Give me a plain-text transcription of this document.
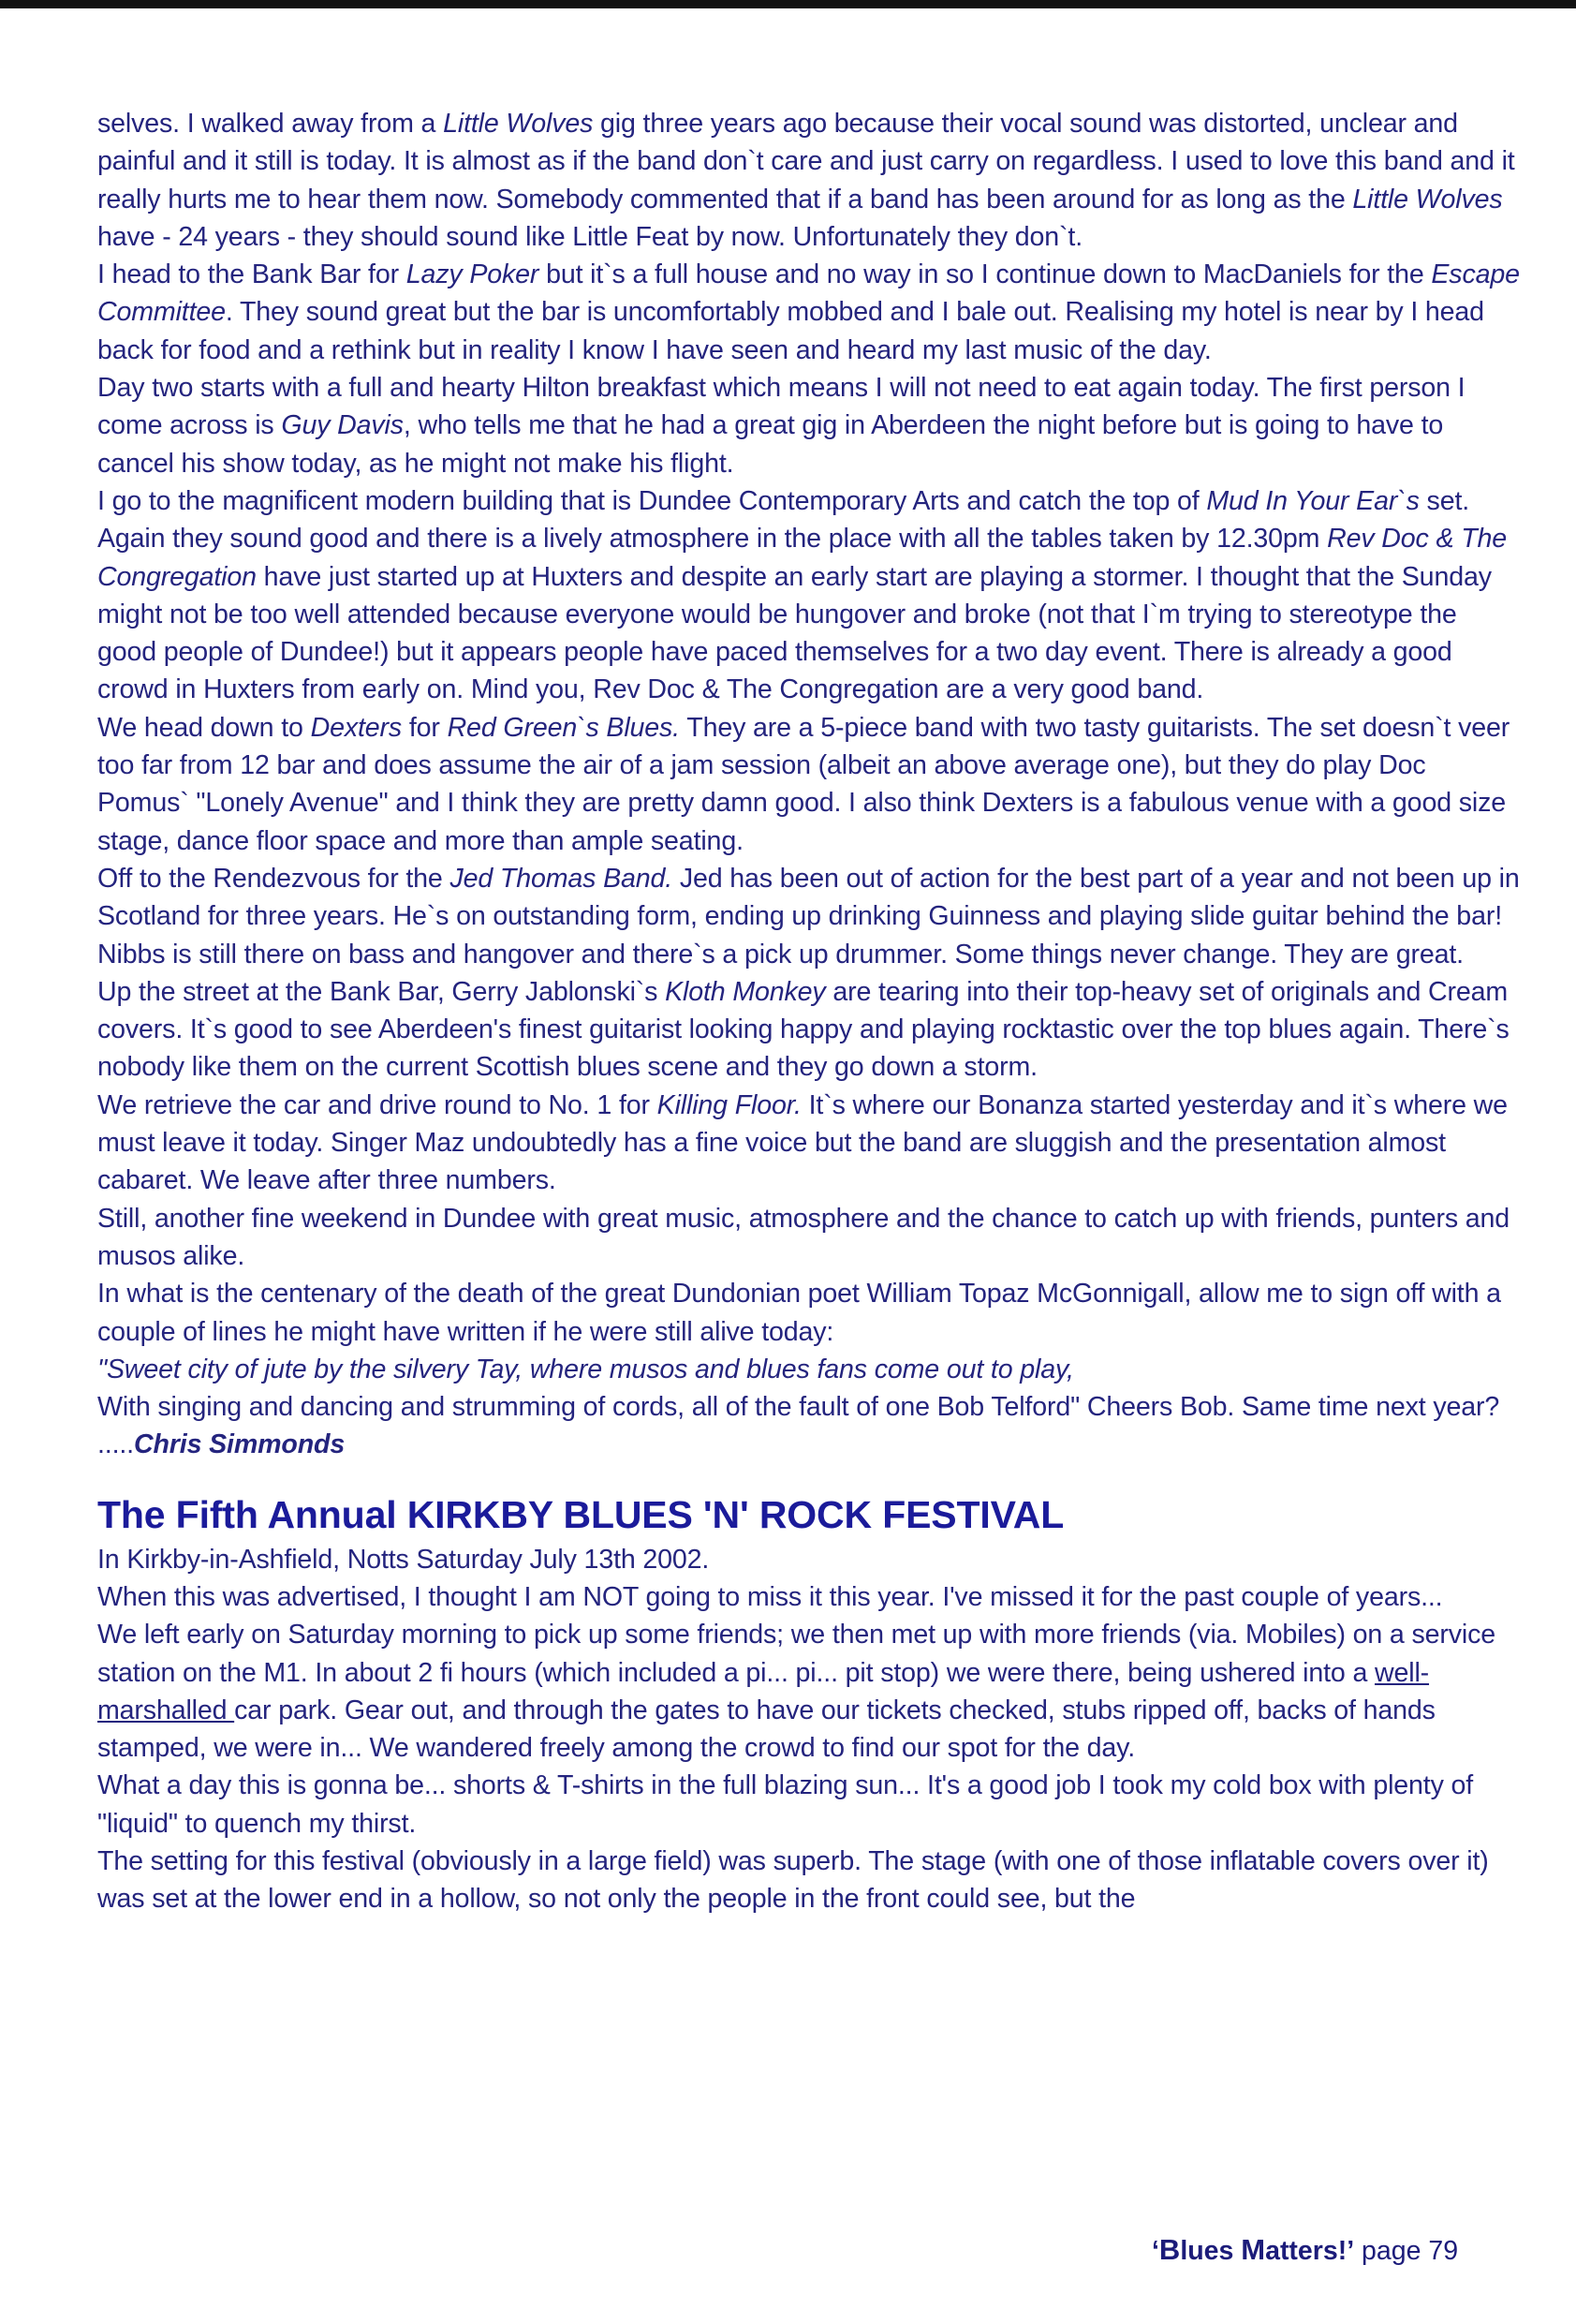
selves. I walked away from a Little Wolves gig three years ago because their vocal sound was distorted, unclear and painful and it still is today. It is almost as if the band don`t care and just carry on regardless. I used to love this band and it really hurts me to hear them now. Somebody commented that if a band has been around for as long as the Little Wolves have - 24 years - they should sound like Little Feat by now. Unfortunately they don`t.

I head to the Bank Bar for Lazy Poker but it`s a full house and no way in so I continue down to MacDaniels for the Escape Committee. They sound great but the bar is uncomfortably mobbed and I bale out. Realising my hotel is near by I head back for food and a rethink but in reality I know I have seen and heard my last music of the day.

Day two starts with a full and hearty Hilton breakfast which means I will not need to eat again today. The first person I come across is Guy Davis, who tells me that he had a great gig in Aberdeen the night before but is going to have to cancel his show today, as he might not make his flight.

I go to the magnificent modern building that is Dundee Contemporary Arts and catch the top of Mud In Your Ear`s set. Again they sound good and there is a lively atmosphere in the place with all the tables taken by 12.30pm Rev Doc & The Congregation have just started up at Huxters and despite an early start are playing a stormer. I thought that the Sunday might not be too well attended because everyone would be hungover and broke (not that I`m trying to stereotype the good people of Dundee!) but it appears people have paced themselves for a two day event. There is already a good crowd in Huxters from early on. Mind you, Rev Doc & The Congregation are a very good band.

We head down to Dexters for Red Green`s Blues. They are a 5-piece band with two tasty guitarists. The set doesn`t veer too far from 12 bar and does assume the air of a jam session (albeit an above average one), but they do play Doc Pomus` "Lonely Avenue" and I think they are pretty damn good. I also think Dexters is a fabulous venue with a good size stage, dance floor space and more than ample seating.

Off to the Rendezvous for the Jed Thomas Band. Jed has been out of action for the best part of a year and not been up in Scotland for three years. He`s on outstanding form, ending up drinking Guinness and playing slide guitar behind the bar! Nibbs is still there on bass and hangover and there`s a pick up drummer. Some things never change. They are great.

Up the street at the Bank Bar, Gerry Jablonski`s Kloth Monkey are tearing into their top-heavy set of originals and Cream covers. It`s good to see Aberdeen's finest guitarist looking happy and playing rocktastic over the top blues again. There`s nobody like them on the current Scottish blues scene and they go down a storm.

We retrieve the car and drive round to No. 1 for Killing Floor. It`s where our Bonanza started yesterday and it`s where we must leave it today. Singer Maz undoubtedly has a fine voice but the band are sluggish and the presentation almost cabaret. We leave after three numbers.

Still, another fine weekend in Dundee with great music, atmosphere and the chance to catch up with friends, punters and musos alike.

In what is the centenary of the death of the great Dundonian poet William Topaz McGonnigall, allow me to sign off with a couple of lines he might have written if he were still alive today:

"Sweet city of jute by the silvery Tay, where musos and blues fans come out to play,

With singing and dancing and strumming of cords, all of the fault of one Bob Telford" Cheers Bob. Same time next year? .....Chris Simmonds

The Fifth Annual KIRKBY BLUES 'N' ROCK FESTIVAL

In Kirkby-in-Ashfield, Notts Saturday July 13th 2002.

When this was advertised, I thought I am NOT going to miss it this year. I've missed it for the past couple of years...

We left early on Saturday morning to pick up some friends; we then met up with more friends (via. Mobiles) on a service station on the M1. In about 2 fi hours (which included a pi... pi... pit stop) we were there, being ushered into a well-marshalled car park. Gear out, and through the gates to have our tickets checked, stubs ripped off, backs of hands stamped, we were in... We wandered freely among the crowd to find our spot for the day.

What a day this is gonna be... shorts & T-shirts in the full blazing sun... It's a good job I took my cold box with plenty of "liquid" to quench my thirst.

The setting for this festival (obviously in a large field) was superb. The stage (with one of those inflatable covers over it) was set at the lower end in a hollow, so not only the people in the front could see, but the

‘Blues Matters!’ page 79
